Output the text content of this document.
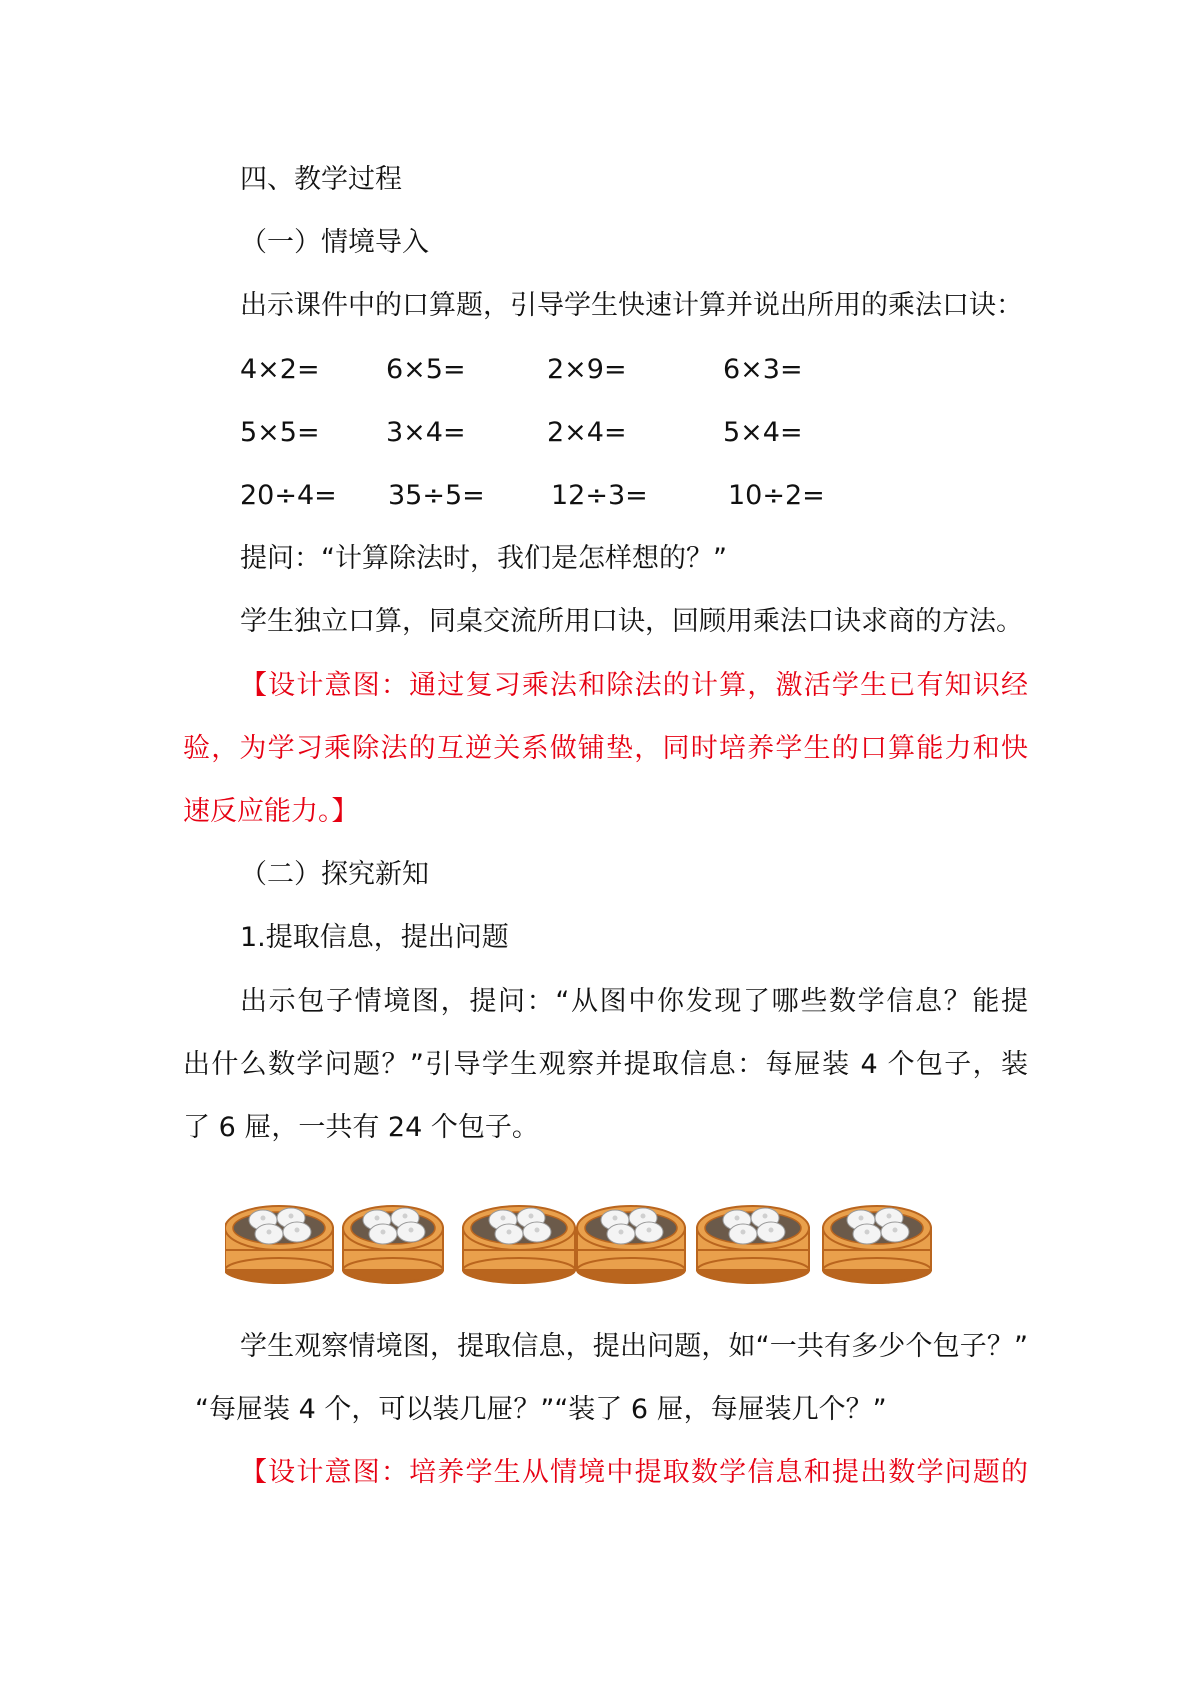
四、教学过程
（一）情境导入
出示课件中的口算题，引导学生快速计算并说出所用的乘法口诀：
4×2= 6×5=	2×9=	6×3=
5×5= 3×4=	2×4=	5×4=
20÷4= 35÷5= 12÷3=	10÷2=
提问：“计算除法时，我们是怎样想的？”
学生独立口算，同桌交流所用口诀，回顾用乘法口诀求商的方法。
【设计意图：通过复习乘法和除法的计算，激活学生已有知识经
验，为学习乘除法的互逆关系做铺垫，同时培养学生的口算能力和快
速反应能力。】
（二）探究新知
1.提取信息，提出问题
出示包子情境图，提问：“从图中你发现了哪些数学信息？能提
出什么数学问题？”引导学生观察并提取信息：每屉装 4 个包子，装
了 6 屉，一共有 24 个包子。
学生观察情境图，提取信息，提出问题，如“一共有多少个包子？”
“每屉装 4 个，可以装几屉？”“装了 6 屉，每屉装几个？”
【设计意图：培养学生从情境中提取数学信息和提出数学问题的
